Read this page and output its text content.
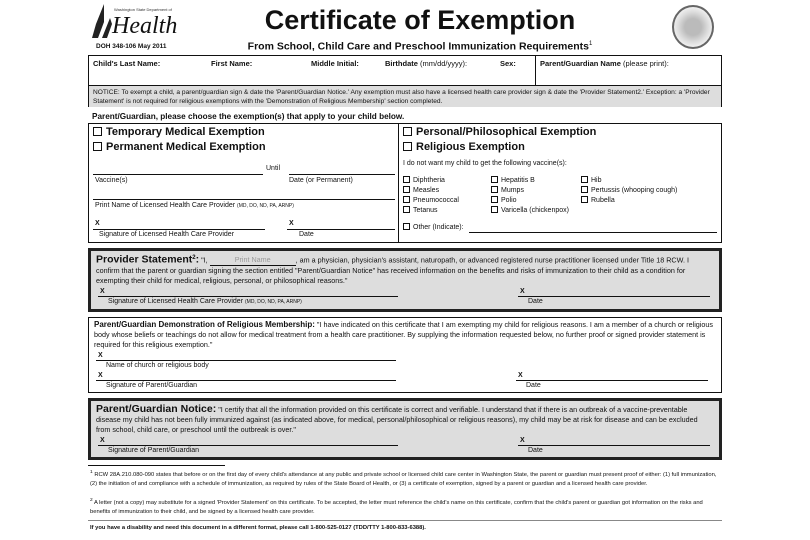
Washington State Department of
Health
DOH 348-106 May 2011
Certificate of Exemption
From School, Child Care and Preschool Immunization Requirements$^1$
Child's Last Name:	First Name:	Middle Initial:	Birthdate (mm/dd/yyyy):	Sex:	Parent/Guardian Name (please print):
NOTICE: To exempt a child, a parent/guardian sign & date the 'Parent/Guardian Notice.' Any exemption must also have a licensed health care provider sign & date the 'Provider Statement2.' Exception: a 'Provider Statement' is not required for religious exemptions with the 'Demonstration of Religious Membership' section completed.
Parent/Guardian, please choose the exemption(s) that apply to your child below.
Temporary Medical Exemption
Permanent Medical Exemption
Until
Vaccine(s)	Date (or Permanent)
Print Name of Licensed Health Care Provider (MD, DO, ND, PA, ARNP)
X	X
Signature of Licensed Health Care Provider	Date
Personal/Philosophical Exemption
Religious Exemption
I do not want my child to get the following vaccine(s):
Diphtheria	Hepatitis B	Hib
Measles	Mumps	Pertussis (whooping cough)
Pneumococcal	Polio	Rubella
Tetanus	Varicella (chickenpox)
Other (Indicate):
Provider Statement$^2$: "I,	Print Name	, am a physician, physician's assistant, naturopath, or advanced registered nurse practitioner licensed under Title 18 RCW. I confirm that the parent or guardian signing the section entitled "Parent/Guardian Notice" has received information on the benefits and risks of immunization to their child as a condition for exempting their child for medical, religious, personal, or philosophical reasons."
X
Signature of Licensed Health Care Provider (MD, DO, ND, PA, ARNP)
X
Date
Parent/Guardian Demonstration of Religious Membership: "I have indicated on this certificate that I am exempting my child for religious reasons. I am a member of a church or religious body whose beliefs or teachings do not allow for medical treatment from a health care practitioner. By supplying the information requested below, no further proof or signed provider statement is required for this religious exemption."
X
Name of church or religious body
X
Signature of Parent/Guardian
X
Date
Parent/Guardian Notice: "I certify that all the information provided on this certificate is correct and verifiable. I understand that if there is an outbreak of a vaccine-preventable disease my child has not been fully immunized against (as indicated above, for medical, personal/philosophical or religious reasons), my child may be at risk for disease and can be excluded from school, child care, or preschool until the outbreak is over."
X
Signature of Parent/Guardian
X
Date
$^1$ RCW 28A.210.080-090 states that before or on the first day of every child's attendance at any public and private school or licensed child care center in Washington State, the parent or guardian must present proof of either: (1) full immunization, (2) the initiation of and compliance with a schedule of immunization, as required by rules of the State Board of Health, or (3) a certificate of exemption, signed by a parent or guardian and a licensed health care provider.
$^2$ A letter (not a copy) may substitute for a signed 'Provider Statement' on this certificate. To be accepted, the letter must reference the child's name on this certificate, confirm that the child's parent or guardian got information on the risks and benefits of immunization to their child, and be signed by a licensed health care provider.
If you have a disability and need this document in a different format, please call 1-800-525-0127 (TDD/TTY 1-800-833-6388).
